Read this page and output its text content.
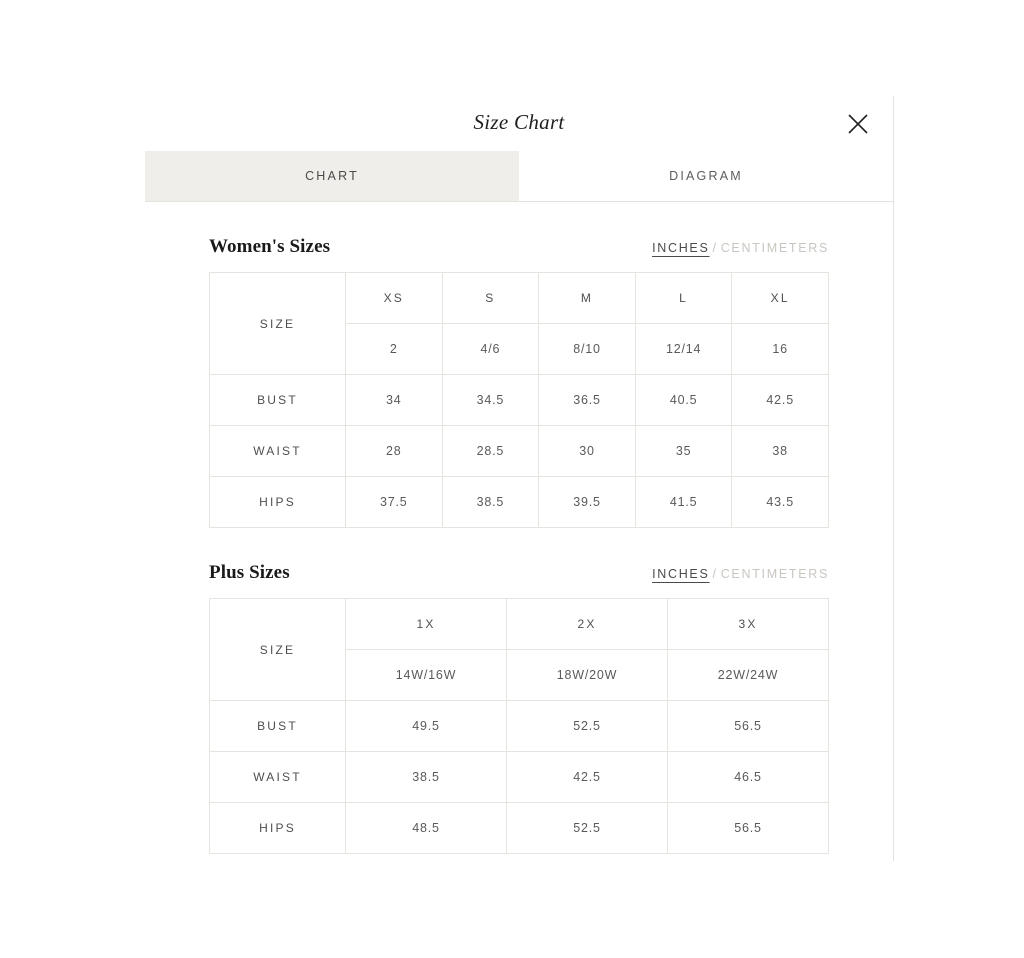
Size Chart
CHART	DIAGRAM
Women's Sizes	INCHES / CENTIMETERS
SIZE	XS	S	M	L	XL
	2	4/6	8/10	12/14	16
BUST	34	34.5	36.5	40.5	42.5
WAIST	28	28.5	30	35	38
HIPS	37.5	38.5	39.5	41.5	43.5
Plus Sizes	INCHES / CENTIMETERS
SIZE	1X	2X	3X
	14W/16W	18W/20W	22W/24W
BUST	49.5	52.5	56.5
WAIST	38.5	42.5	46.5
HIPS	48.5	52.5	56.5
